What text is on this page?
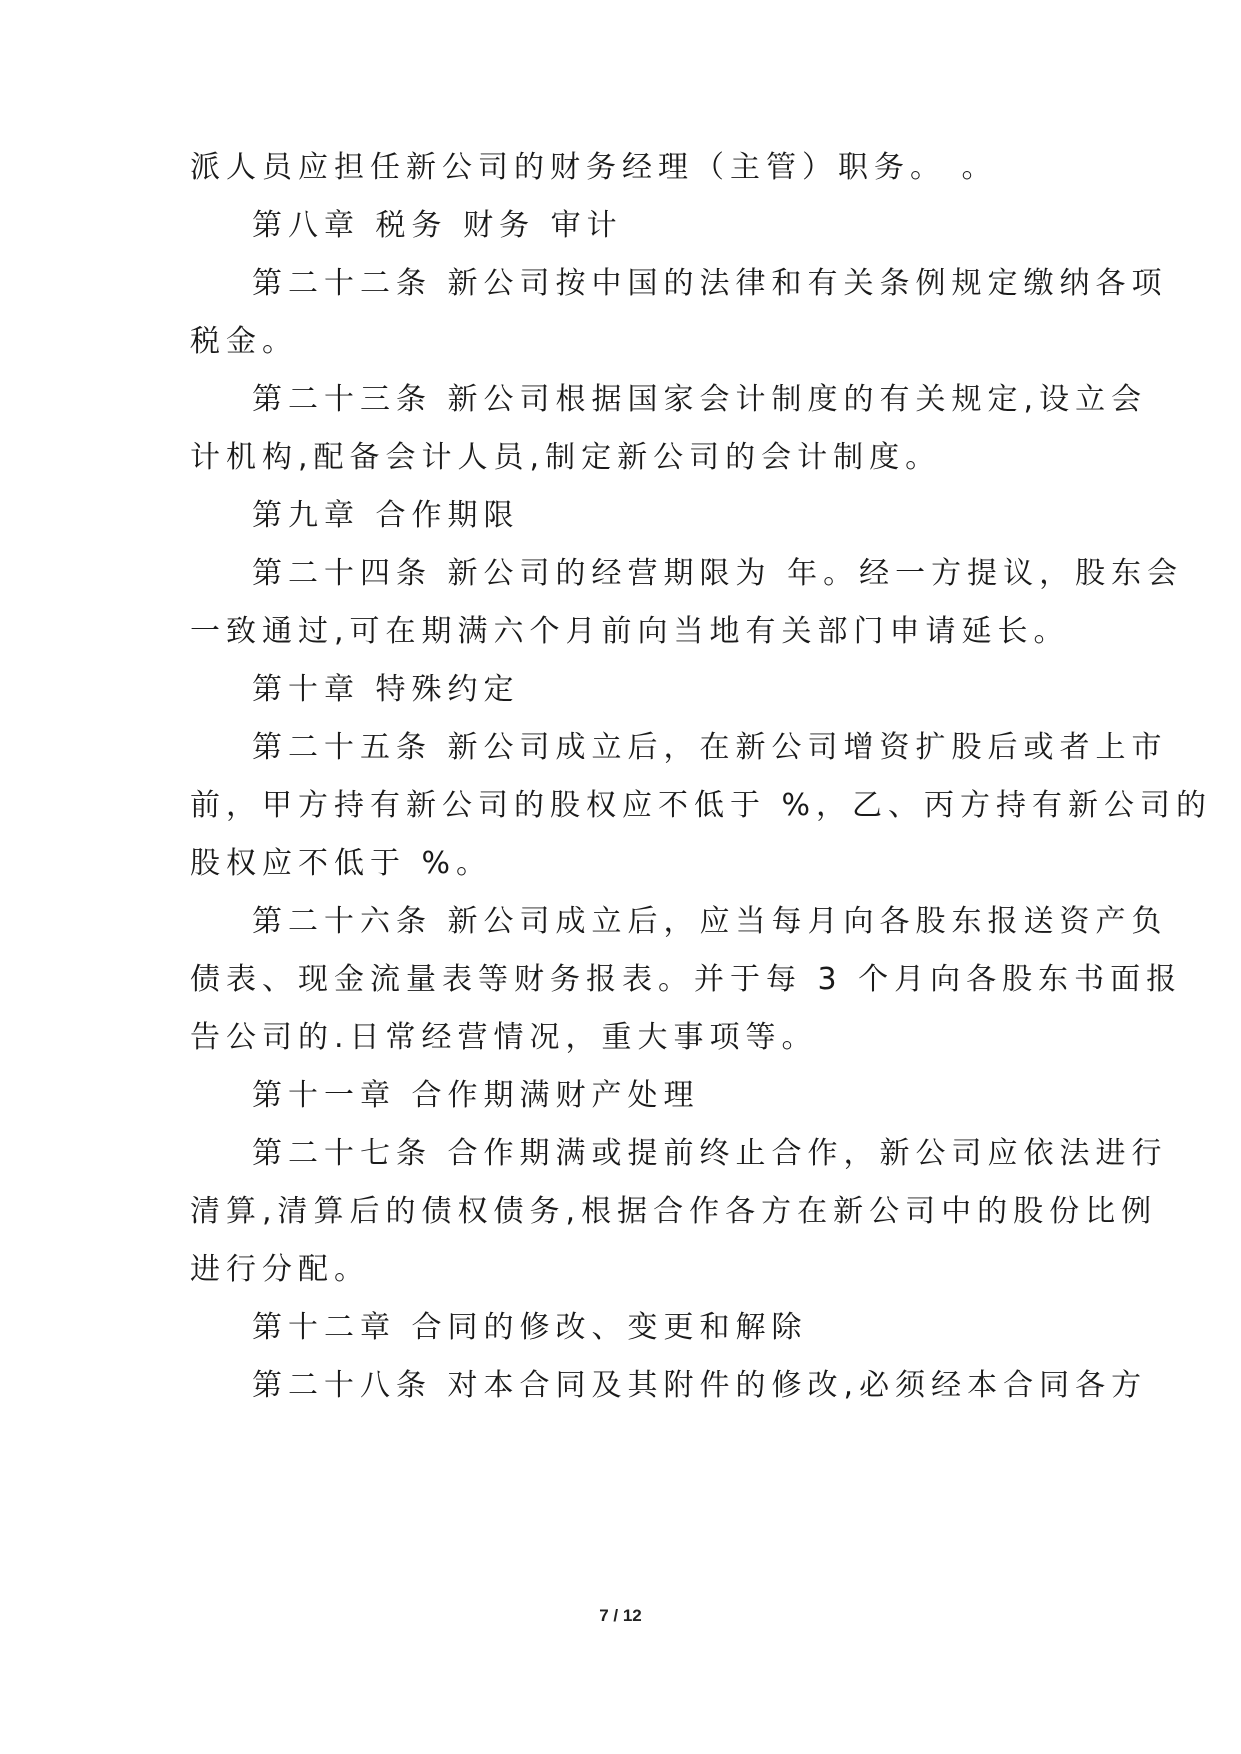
派人员应担任新公司的财务经理（主管）职务。 。
第八章 税务 财务 审计
第二十二条 新公司按中国的法律和有关条例规定缴纳各项
税金。
第二十三条 新公司根据国家会计制度的有关规定,设立会
计机构,配备会计人员,制定新公司的会计制度。
第九章 合作期限
第二十四条 新公司的经营期限为 年。经一方提议，股东会
一致通过,可在期满六个月前向当地有关部门申请延长。
第十章 特殊约定
第二十五条 新公司成立后，在新公司增资扩股后或者上市
前，甲方持有新公司的股权应不低于 %，乙、丙方持有新公司的
股权应不低于 %。
第二十六条 新公司成立后，应当每月向各股东报送资产负
债表、现金流量表等财务报表。并于每 3 个月向各股东书面报
告公司的.日常经营情况，重大事项等。
第十一章 合作期满财产处理
第二十七条 合作期满或提前终止合作，新公司应依法进行
清算,清算后的债权债务,根据合作各方在新公司中的股份比例
进行分配。
第十二章 合同的修改、变更和解除
第二十八条 对本合同及其附件的修改,必须经本合同各方
7 / 12
